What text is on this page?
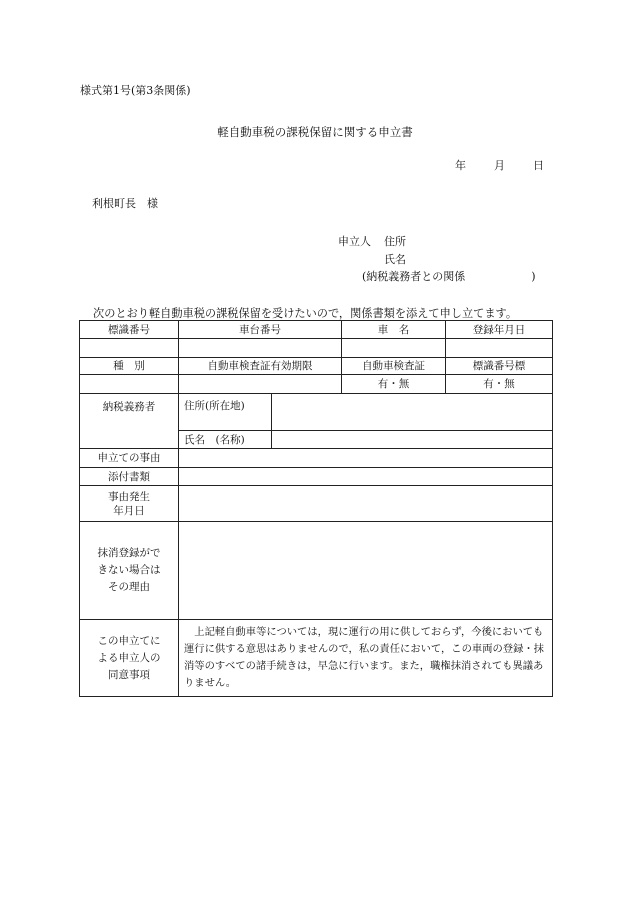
様式第1号(第3条関係)
軽自動車税の課税保留に関する申立書
年	月	日
利根町長　様
申立人 住所
氏名
(納税義務者との関係　　　　　　)
次のとおり軽自動車税の課税保留を受けたいので，関係書類を添えて申し立てます。
標識番号	車台番号		車　名	登録年月日

種　別	自動車検査証有効期限		自動車検査証	標識番号標
			有・無	有・無
納税義務者	住所(所在地)			
	氏名　(名称)			
申立ての事由				
添付書類				

事由発生
年月日				

抹消登録がで
きない場合は
その理由				

この申立てに
よる申立人の
同意事項	　上記軽自動車等については，現に運行の用に供しておらず，今後においても運行に供する意思はありませんので，私の責任において，この車両の登録・抹消等のすべての諸手続きは，早急に行います。また，職権抹消されても異議ありません。			
